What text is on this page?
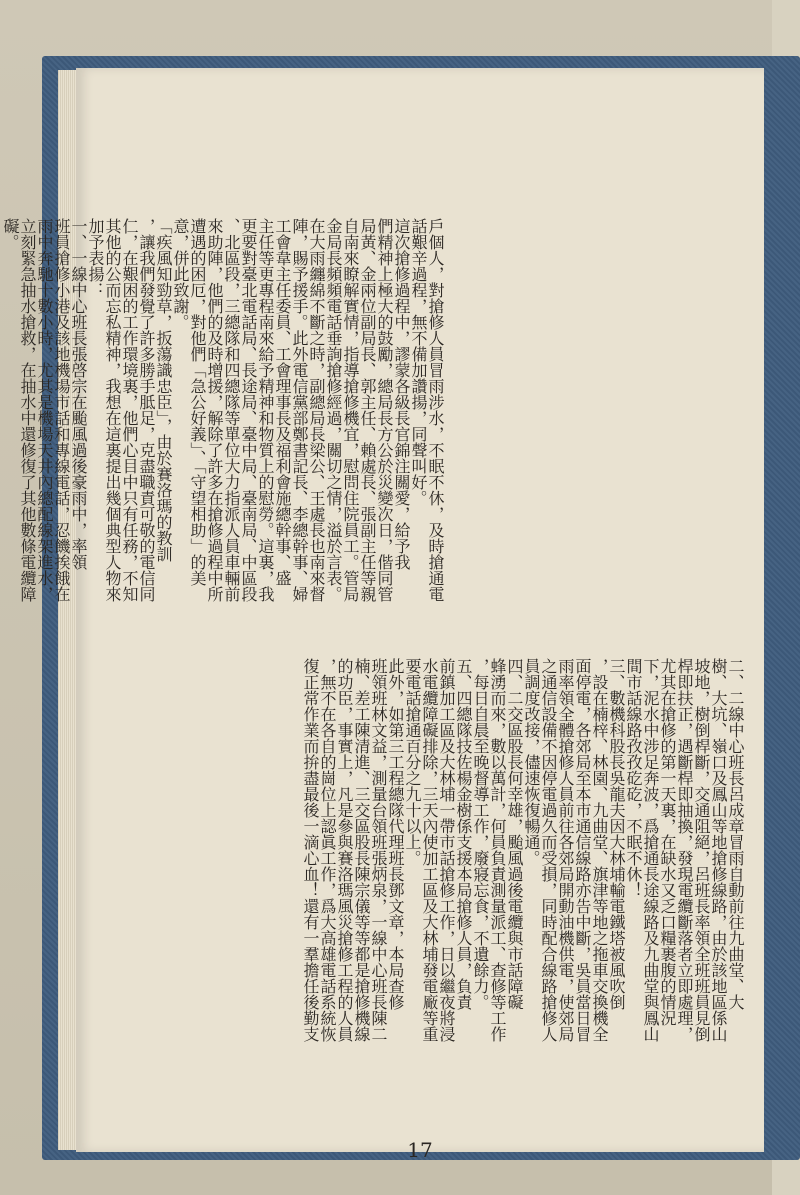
二、二線中心班長呂成章冒雨自動前往九曲堂、大
樹、大坑、嶺口及鳳山等地搶修線路，由於該地區係山
坡地，樹倒桿斷，交通阻絕，呂班長率領全班班員見倒
桿即扶正，遇斷桿即抽換，發現電纜斷落者立即處理，
尤其在搶修的第一天裏，在缺水又乏口糧裹腹的情況
下，泥水中涉足奔波，爲搶通長途線路及九曲堂與鳳山
間市話線路孜孜矻矻，不眠不休！
三、數機科股長吳龍夫因大林埔輸電鐵塔被風吹倒
，設在楠梓、林園、九曲堂、旗津等地之拖車交換機全
面停電，各郊局至本市通信線路亦告中斷，吳員當日冒
雨率領全體搶修人員前往各郊局開動油機供電，使郊局
之通信設備不因停電過久而受損，同時配合線路搶修人
員調度改接，儘速恢復暢通。
四、二交區股長何幸雄，颱風過後電纜與市話障礙
蜂湧而來，數以萬計，何員負責測量派工、查修等工作
，每日自晨至晚督導工作，廢寢忘食，不遺餘力。
五、四總隊技佐楊金樹係支援本局搶修人員，負責
前鎮加工區及大林埔一帶市話搶修工作，日以繼夜將浸
水電纜障礙排除，三天內使加工區及大林埔發電廠等重
要電話搶通百分之九十以上。
此外，如第三工程總隊代理班長鄧文章，本局查修
班領班林文益，測量台領班張炳泉，一線中心班長陳二
楠、差工陳清進、三交區股長陳宗儀等等都是搶修機線
的功臣，事實上，凡是參與賽洛瑪風災搶修工程的人員
，無不在各自的崗位上認眞工作，爲大高雄電話系統恢
復正常作業而拚盡最後一滴心血！還有一羣擔任後勤支
戶個人，對搶修人員冒雨涉水，不眠不休，及時搶通電
話艱辛過程，無不備加讚揚，同聲叫好。
這次搶修過程中，謬蒙各級長官錦注關愛，給予我
們精神上極大的鼓勵，總局長方公於災變次日，偕同管
局黃、金兩位副局長、郭主任、賴處長、張副主任等親
自南來瞭解實情，指導搶修機宜，慰問住院員工。管局
金局長頻頻電話垂詢搶修經過，關切之情，溢於言表。
在大雨纏綿不斷之時，副總局長梁公、王處長也南來督
陣，賜予援手。此外電信黨部鄭書記長、李總幹事、婦
工會韋主任委員、工會理事長及福利會施總幹事、盛
主任等更專程南來給予精神和物質上的慰勞。這裏，我
更要對臺北電話局、長途局、臺中局、臺南局、中區段
、北區段，三總隊和四總隊等單位大力指派人員車輛前
來助陣，他們的及時增援，解除了許多在搶修過程中所
遭遇的困厄，對他們「急公好義」、「守望相助」的美
意，併此致謝。
「疾風知勁草，扳蕩識忠臣」，由於賽洛瑪的教訓
，讓我們發覺了許多勝手胝足，克盡職責可敬的電信同
仁，在艱困的工作環境裏，他們心目中只有任務，不知
其他的公而忘私精神，我想在這裏提出幾個典型人物來
加予表揚：
一、一線中心班長張啓宗在颱風過後豪雨中，率領
班員搶修小港及該地機場市話和專線電話，忍饑挨餓在
雨中奔馳十數小時，尤其是機場天井內總配線架進水，
立刻緊急抽水搶救，在抽水中還修復了其他數條電纜障
礙。
17
